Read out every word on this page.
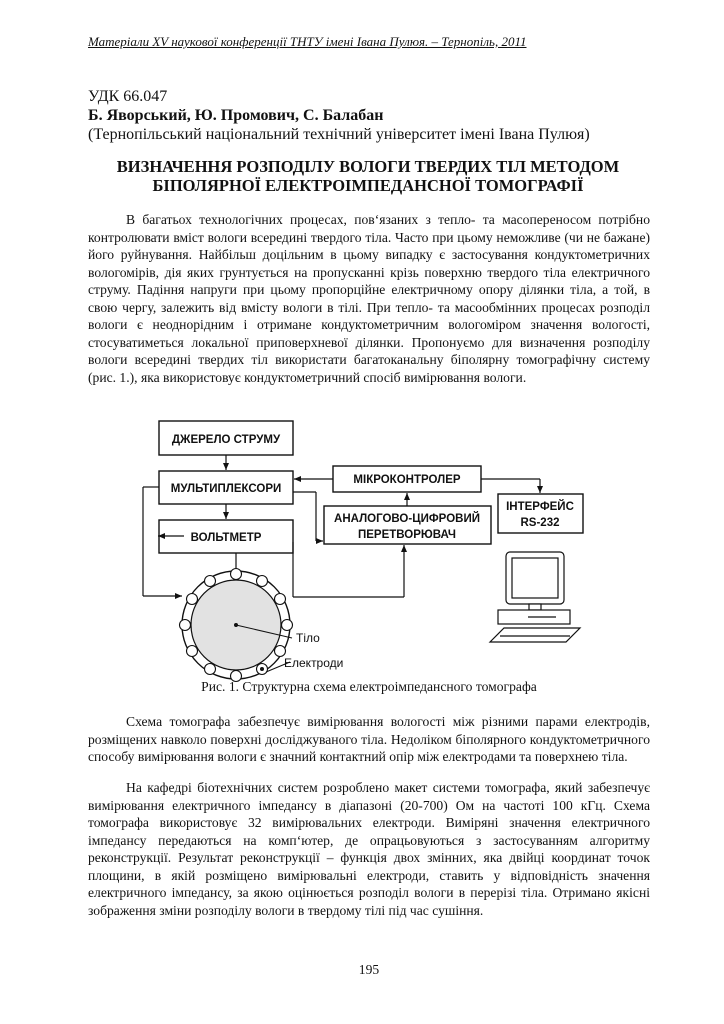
Матеріали XV наукової конференції ТНТУ імені Івана Пулюя. – Тернопіль, 2011
УДК 66.047
Б. Яворський, Ю. Промович, С. Балабан
(Тернопільський національний технічний університет імені Івана Пулюя)
ВИЗНАЧЕННЯ РОЗПОДІЛУ ВОЛОГИ ТВЕРДИХ ТІЛ МЕТОДОМ
БІПОЛЯРНОЇ ЕЛЕКТРОІМПЕДАНСНОЇ ТОМОГРАФІЇ

В багатьох технологічних процесах, пов‘язаних з тепло- та масопереносом потрібно контролювати вміст вологи всередині твердого тіла. Часто при цьому неможливе (чи не бажане) його руйнування. Найбільш доцільним в цьому випадку є застосування кондуктометричних вологомірів, дія яких грунтується на пропусканні крізь поверхню твердого тіла електричного струму. Падіння напруги при цьому пропорційне електричному опору ділянки тіла, а той, в свою чергу, залежить від вмісту вологи в тілі. При тепло- та масообмінних процесах розподіл вологи є неоднорідним і отримане кондуктометричним вологоміром значення вологості, стосуватиметься локальної приповерхневої ділянки. Пропонуємо для визначення розподілу вологи всередині твердих тіл використати багатоканальну біполярну томографічну систему (рис. 1.), яка використовує кондуктометричний спосіб вимірювання вологи.

ДЖЕРЕЛО СТРУМУ
МУЛЬТИПЛЕКСОРИ
ВОЛЬТМЕТР
МІКРОКОНТРОЛЕР
АНАЛОГОВО-ЦИФРОВИЙ
ПЕРЕТВОРЮВАЧ
ІНТЕРФЕЙС
RS-232
Тіло
Електроди
Рис. 1. Структурна схема електроімпедансного томографа

Схема томографа забезпечує вимірювання вологості між різними парами електродів, розміщених навколо поверхні досліджуваного тіла. Недоліком біполярного кондуктометричного способу вимірювання вологи є значний контактний опір між електродами та поверхнею тіла.

На кафедрі біотехнічних систем розроблено макет системи томографа, який забезпечує вимірювання електричного імпедансу в діапазоні (20-700) Ом на частоті 100 кГц. Схема томографа використовує 32 вимірювальних електроди. Виміряні значення електричного імпедансу передаються на комп‘ютер, де опрацьовуються з застосуванням алгоритму реконструкції. Результат реконструкції – функція двох змінних, яка двійці координат точок площини, в якій розміщено вимірювальні електроди, ставить у відповідність значення електричного імпедансу, за якою оцінюється розподіл вологи в перерізі тіла. Отримано якісні зображення зміни розподілу вологи в твердому тілі під час сушіння.

195
